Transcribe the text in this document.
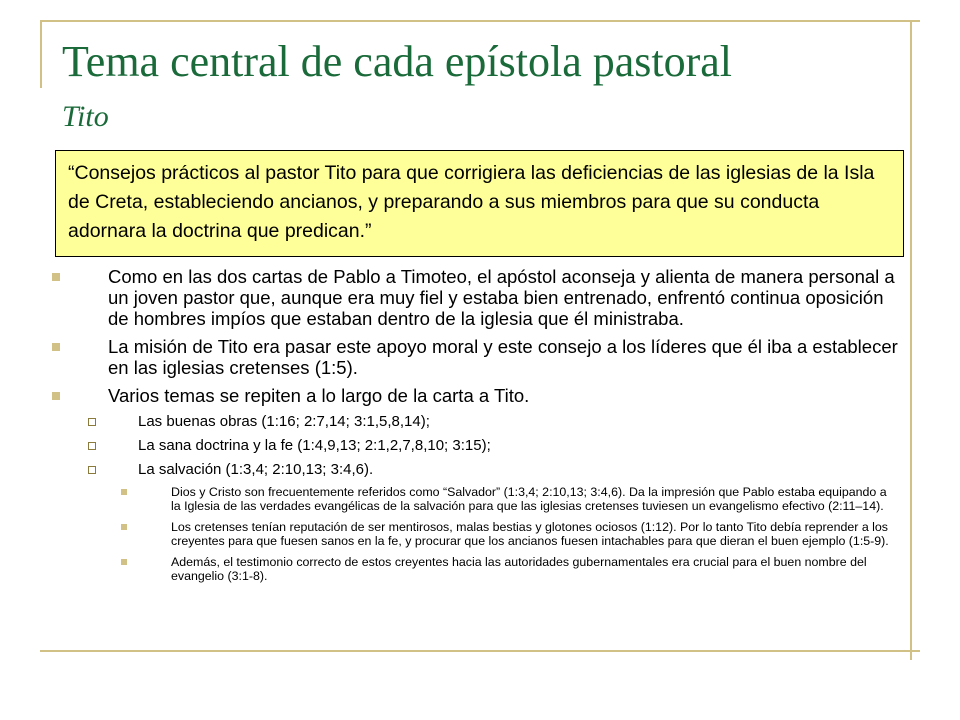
Tema central de cada epístola pastoral
Tito
“Consejos prácticos al pastor Tito para que corrigiera las deficiencias de las iglesias de la Isla de Creta, estableciendo ancianos, y preparando a sus miembros para que su conducta adornara la doctrina que predican.”
Como en las dos cartas de Pablo a Timoteo, el apóstol aconseja y alienta de manera personal a un joven pastor que, aunque era muy fiel y estaba bien entrenado, enfrentó continua oposición de hombres impíos que estaban dentro de la iglesia que él ministraba.
La misión de Tito era pasar este apoyo moral y este consejo a los líderes que él iba a establecer en las iglesias cretenses (1:5).
Varios temas se repiten a lo largo de la carta a Tito.
Las buenas obras (1:16; 2:7,14; 3:1,5,8,14);
La sana doctrina y la fe (1:4,9,13; 2:1,2,7,8,10; 3:15);
La salvación (1:3,4; 2:10,13; 3:4,6).
Dios y Cristo son frecuentemente referidos como “Salvador” (1:3,4; 2:10,13; 3:4,6). Da la impresión que Pablo estaba equipando a la Iglesia de las verdades evangélicas de la salvación para que las iglesias cretenses tuviesen un evangelismo efectivo (2:11–14).
Los cretenses tenían reputación de ser mentirosos, malas bestias y glotones ociosos (1:12). Por lo tanto Tito debía reprender a los creyentes para que fuesen sanos en la fe, y procurar que los ancianos fuesen intachables para que dieran el buen ejemplo (1:5-9).
Además, el testimonio correcto de estos creyentes hacia las autoridades gubernamentales era crucial para el buen nombre del evangelio (3:1-8).
